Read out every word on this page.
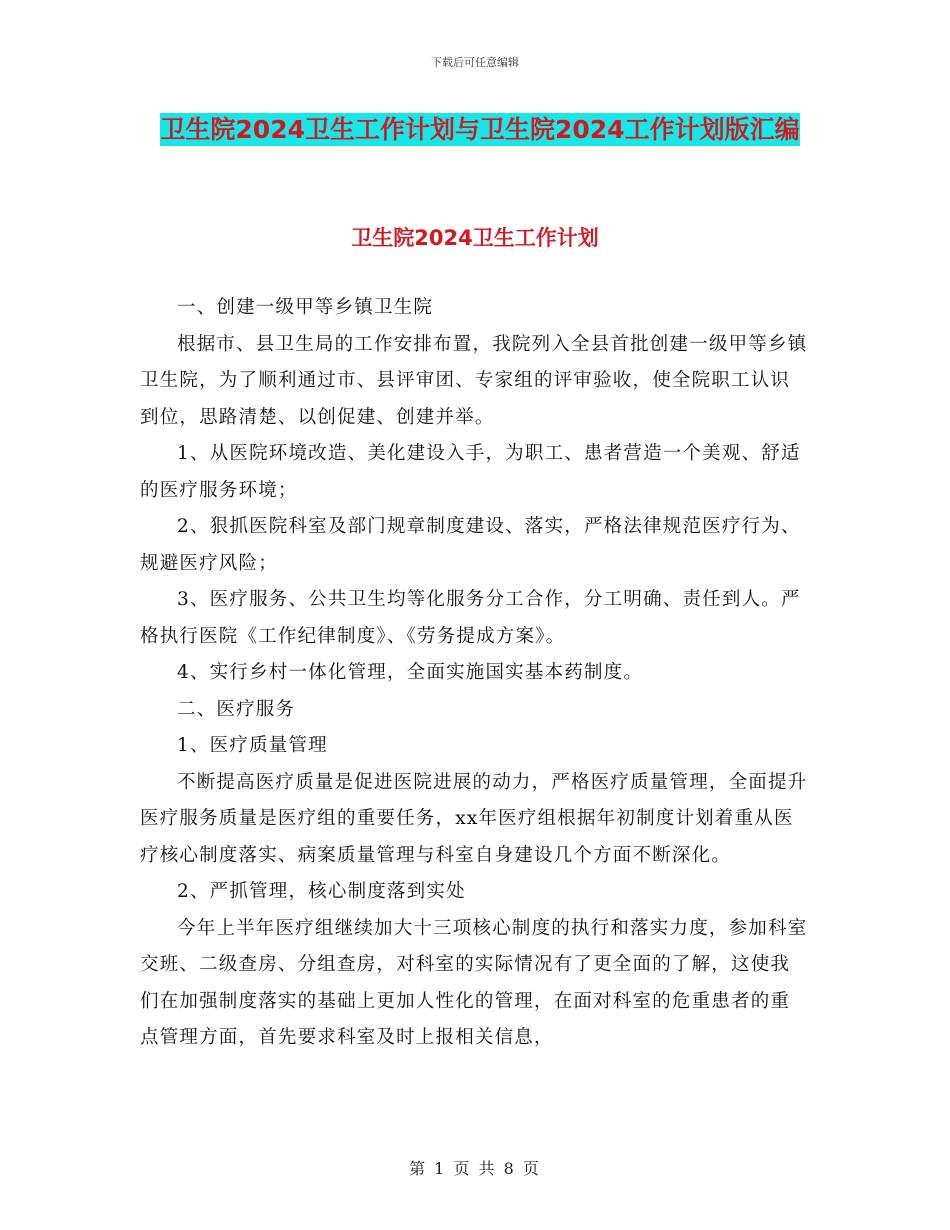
下载后可任意编辑
卫生院2024卫生工作计划与卫生院2024工作计划版汇编
卫生院2024卫生工作计划

一、创建一级甲等乡镇卫生院

根据市、县卫生局的工作安排布置，我院列入全县首批创建一级甲等乡镇卫生院，为了顺利通过市、县评审团、专家组的评审验收，使全院职工认识到位，思路清楚、以创促建、创建并举。

1、从医院环境改造、美化建设入手，为职工、患者营造一个美观、舒适的医疗服务环境；

2、狠抓医院科室及部门规章制度建设、落实，严格法律规范医疗行为、规避医疗风险；

3、医疗服务、公共卫生均等化服务分工合作，分工明确、责任到人。严格执行医院《工作纪律制度》、《劳务提成方案》。

4、实行乡村一体化管理，全面实施国实基本药制度。

二、医疗服务

1、医疗质量管理

不断提高医疗质量是促进医院进展的动力，严格医疗质量管理，全面提升医疗服务质量是医疗组的重要任务，xx年医疗组根据年初制度计划着重从医疗核心制度落实、病案质量管理与科室自身建设几个方面不断深化。

2、严抓管理，核心制度落到实处

今年上半年医疗组继续加大十三项核心制度的执行和落实力度，参加科室交班、二级查房、分组查房，对科室的实际情况有了更全面的了解，这使我们在加强制度落实的基础上更加人性化的管理，在面对科室的危重患者的重点管理方面，首先要求科室及时上报相关信息，

第 1 页 共 8 页
